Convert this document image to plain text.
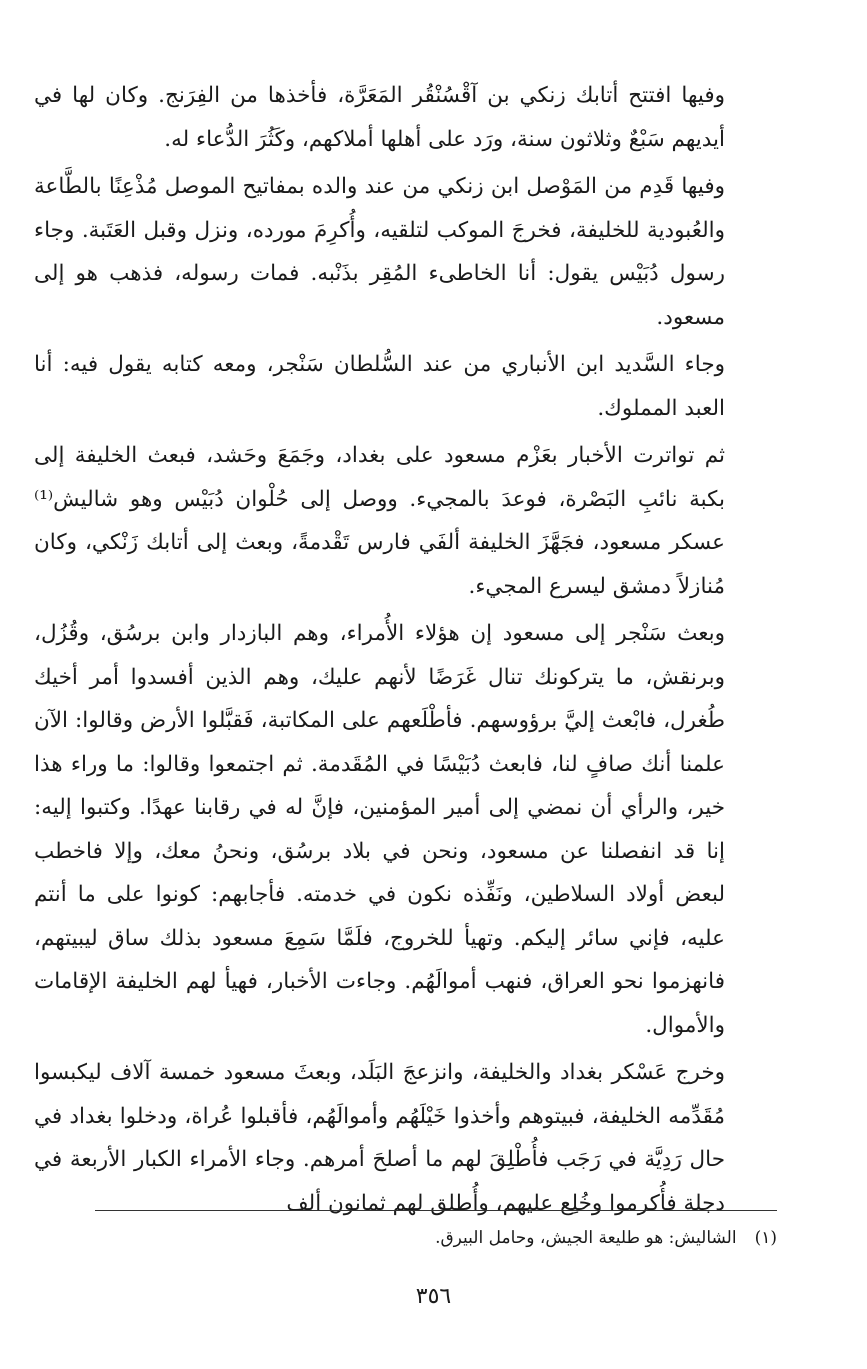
وفيها افتتح أتابك زنكي بن آقْسُنْقُر المَعَرَّة، فأخذها من الفِرَنج. وكان لها في أيديهم سَبْعٌ وثلاثون سنة، ورَد على أهلها أملاكهم، وكَثُرَ الدُّعاء له.

وفيها قَدِم من المَوْصل ابن زنكي من عند والده بمفاتيح الموصل مُذْعِنًا بالطَّاعة والعُبودية للخليفة، فخرجَ الموكب لتلقيه، وأُكرِمَ مورده، ونزل وقبل العَتَبة. وجاء رسول دُبَيْس يقول: أنا الخاطىء المُقِر بذَنْبه. فمات رسوله، فذهب هو إلى مسعود.

وجاء السَّديد ابن الأنباري من عند السُّلطان سَنْجر، ومعه كتابه يقول فيه: أنا العبد المملوك.

ثم تواترت الأخبار بعَزْم مسعود على بغداد، وجَمَعَ وحَشد، فبعث الخليفة إلى بكبة نائبِ البَصْرة، فوعدَ بالمجيء. ووصل إلى حُلْوان دُبَيْس وهو شاليش⁽¹⁾ عسكر مسعود، فجَهَّزَ الخليفة ألفَي فارس تَقْدمةً، وبعث إلى أتابك زَنْكي، وكان مُنازلاً دمشق ليسرع المجيء.

وبعث سَنْجر إلى مسعود إن هؤلاء الأُمراء، وهم البازدار وابن برسُق، وقُزُل، وبرنقش، ما يتركونك تنال غَرَضًا لأنهم عليك، وهم الذين أفسدوا أمر أخيك طُغرل، فابْعث إليَّ برؤوسهم. فأطْلَعهم على المكاتبة، فَقبَّلوا الأرض وقالوا: الآن علمنا أنك صافٍ لنا، فابعث دُبَيْسًا في المُقَدمة. ثم اجتمعوا وقالوا: ما وراء هذا خير، والرأي أن نمضي إلى أمير المؤمنين، فإنَّ له في رقابنا عهدًا. وكتبوا إليه: إنا قد انفصلنا عن مسعود، ونحن في بلاد برسُق، ونحنُ معك، وإلا فاخطب لبعض أولاد السلاطين، ونَفِّذه نكون في خدمته. فأجابهم: كونوا على ما أنتم عليه، فإني سائر إليكم. وتهيأ للخروج، فلَمَّا سَمِعَ مسعود بذلك ساق ليبيتهم، فانهزموا نحو العراق، فنهب أموالَهُم. وجاءت الأخبار، فهيأ لهم الخليفة الإقامات والأموال.

وخرج عَسْكر بغداد والخليفة، وانزعجَ البَلَد، وبعثَ مسعود خمسة آلاف ليكبسوا مُقَدِّمه الخليفة، فبيتوهم وأخذوا خَيْلَهُم وأموالَهُم، فأقبلوا عُراة، ودخلوا بغداد في حال رَدِيَّة في رَجَب فأُطْلِقَ لهم ما أصلحَ أمرهم. وجاء الأمراء الكبار الأربعة في دجلة فأُكرموا وخُلِع عليهم، وأُطلق لهم ثمانون ألف

(١)الشاليش: هو طليعة الجيش، وحامل البيرق.
٣٥٦
